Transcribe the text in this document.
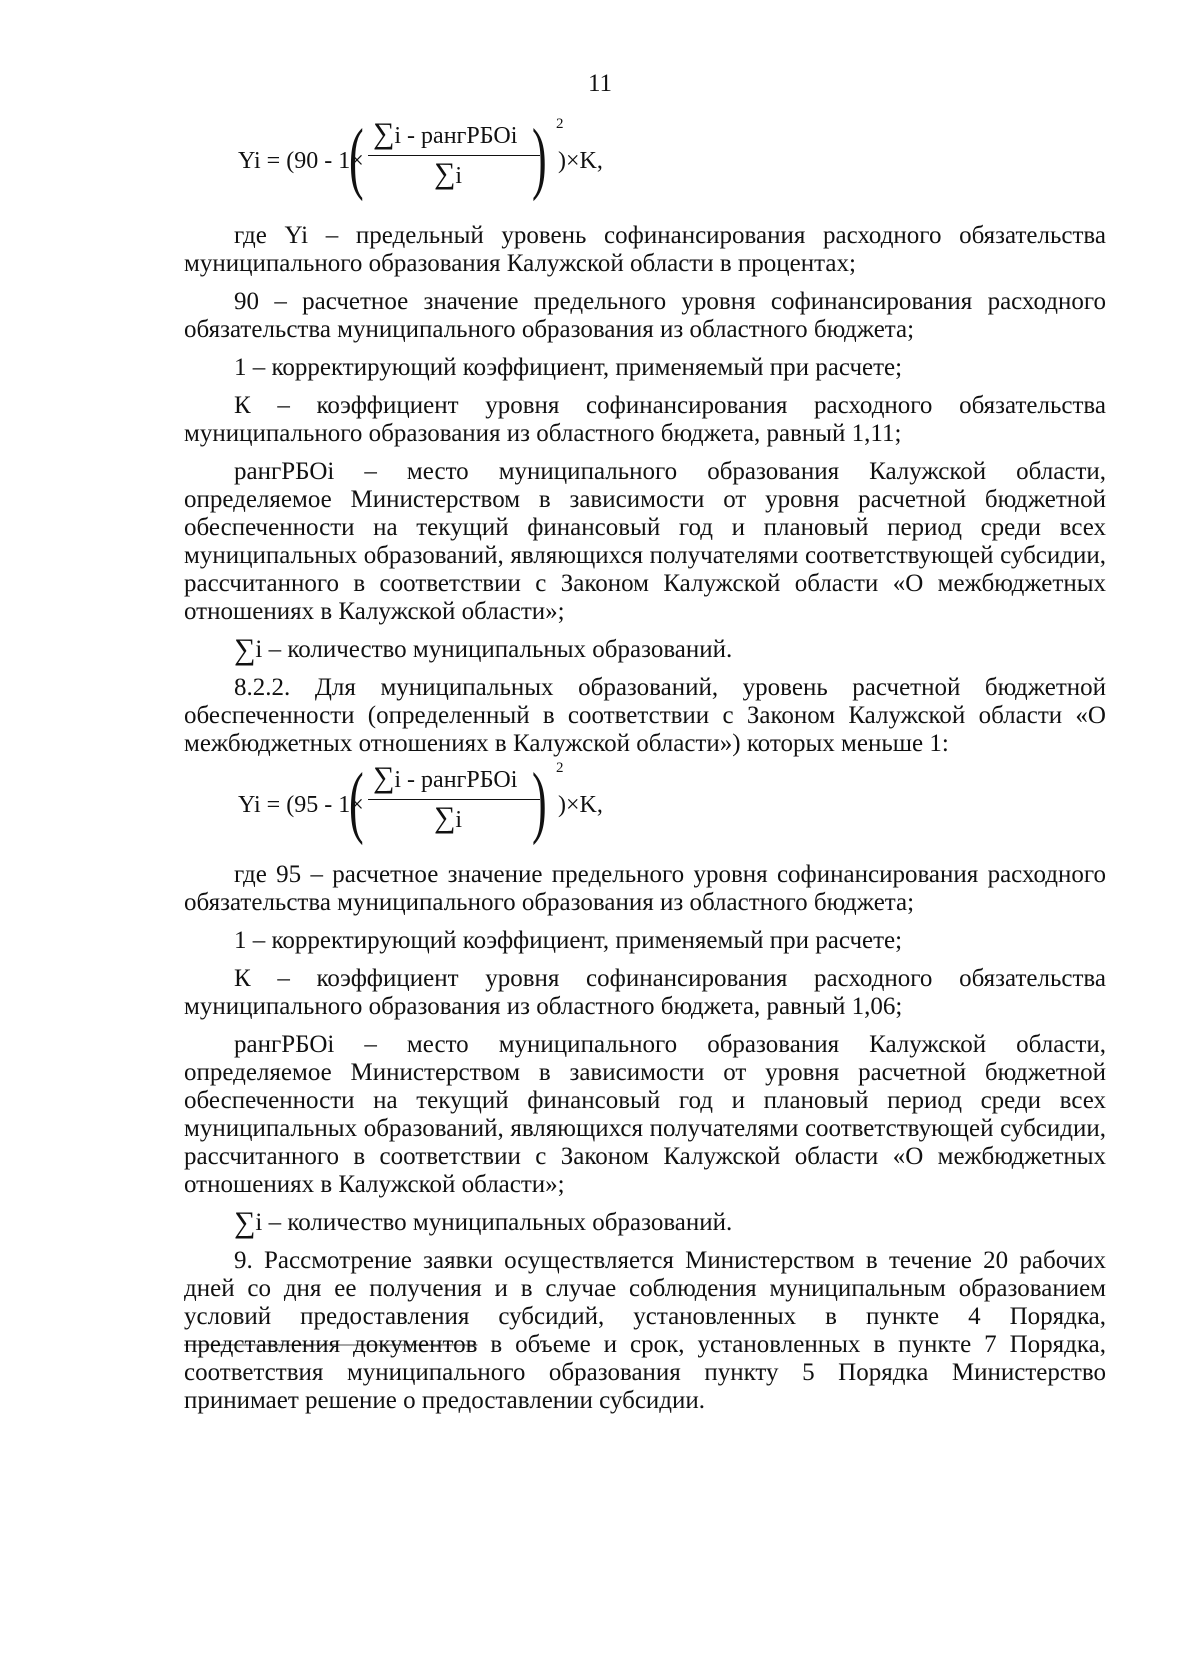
11
Yi = (90 - 1×
( ∑i - рангРБОi
∑i ) 2
)×K,

где Yi – предельный уровень софинансирования расходного обязательства муниципального образования Калужской области в процентах;

90 – расчетное значение предельного уровня софинансирования расходного обязательства муниципального образования из областного бюджета;

1 – корректирующий коэффициент, применяемый при расчете;

К – коэффициент уровня софинансирования расходного обязательства муниципального образования из областного бюджета, равный 1,11;

рангРБОi – место муниципального образования Калужской области, определяемое Министерством в зависимости от уровня расчетной бюджетной обеспеченности на текущий финансовый год и плановый период среди всех муниципальных образований, являющихся получателями соответствующей субсидии, рассчитанного в соответствии с Законом Калужской области «О межбюджетных отношениях в Калужской области»;

∑i – количество муниципальных образований.

8.2.2. Для муниципальных образований, уровень расчетной бюджетной обеспеченности (определенный в соответствии с Законом Калужской области «О межбюджетных отношениях в Калужской области») которых меньше 1:

Yi = (95 - 1×
( ∑i - рангРБОi
∑i ) 2
)×K,

где 95 – расчетное значение предельного уровня софинансирования расходного обязательства муниципального образования из областного бюджета;

1 – корректирующий коэффициент, применяемый при расчете;

К – коэффициент уровня софинансирования расходного обязательства муниципального образования из областного бюджета, равный 1,06;

рангРБОi – место муниципального образования Калужской области, определяемое Министерством в зависимости от уровня расчетной бюджетной обеспеченности на текущий финансовый год и плановый период среди всех муниципальных образований, являющихся получателями соответствующей субсидии, рассчитанного в соответствии с Законом Калужской области «О межбюджетных отношениях в Калужской области»;

∑i – количество муниципальных образований.

9. Рассмотрение заявки осуществляется Министерством в течение 20 рабочих дней со дня ее получения и в случае соблюдения муниципальным образованием условий предоставления субсидий, установленных в пункте 4 Порядка, представления документов в объеме и срок, установленных в пункте 7 Порядка, соответствия муниципального образования пункту 5 Порядка Министерство принимает решение о предоставлении субсидии.
